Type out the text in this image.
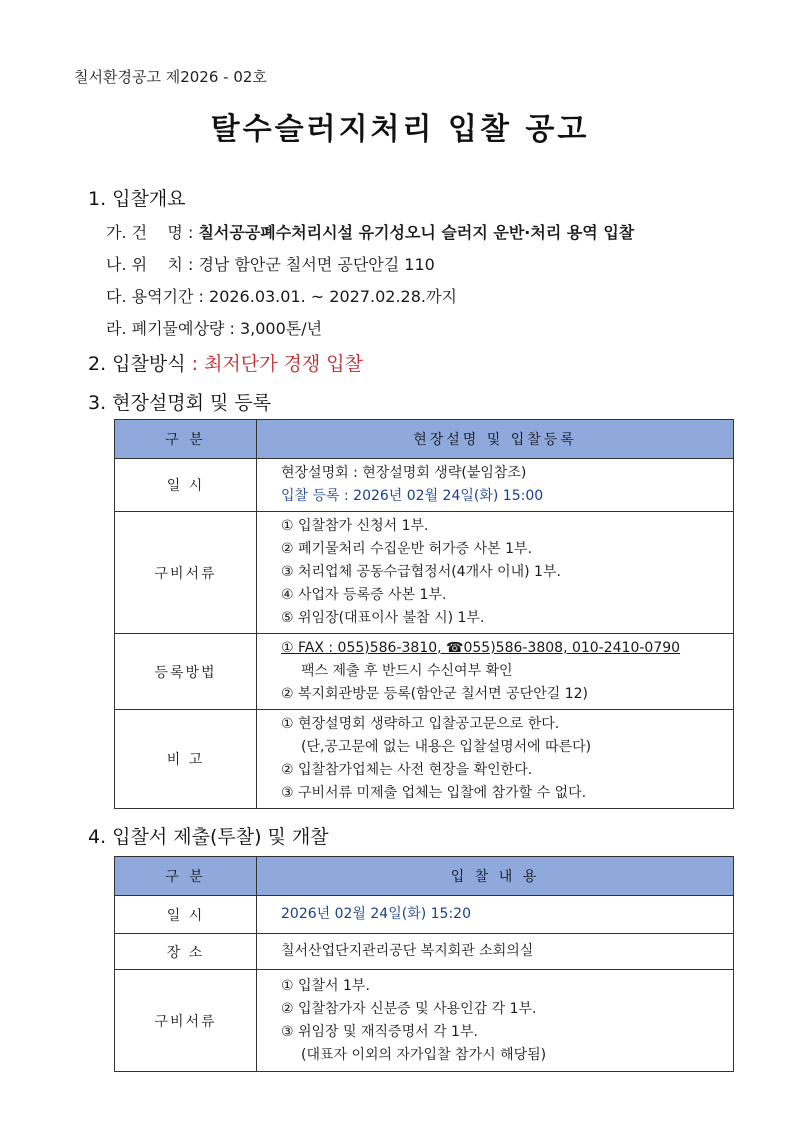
칠서환경공고 제2026 - 02호
탈수슬러지처리 입찰 공고
1. 입찰개요
가. 건    명 : 칠서공공폐수처리시설 유기성오니 슬러지 운반·처리 용역 입찰
나. 위    치 : 경남 함안군 칠서면 공단안길 110
다. 용역기간 : 2026.03.01. ~ 2027.02.28.까지
라. 폐기물예상량 : 3,000톤/년
2. 입찰방식 : 최저단가 경쟁 입찰
3. 현장설명회 및 등록
구 분	현장설명 및 입찰등록
일 시	현장설명회 : 현장설명회 생략(붙임참조)
입찰 등록 : 2026년 02월 24일(화) 15:00

구비서류	① 입찰참가 신청서 1부.
② 폐기물처리 수집운반 허가증 사본 1부.
③ 처리업체 공동수급협정서(4개사 이내) 1부.
④ 사업자 등록증 사본 1부.
⑤ 위임장(대표이사 불참 시) 1부.

등록방법	① FAX : 055)586-3810, ☎055)586-3808, 010-2410-0790
팩스 제출 후 반드시 수신여부 확인
② 복지회관방문 등록(함안군 칠서면 공단안길 12)

비 고	① 현장설명회 생략하고 입찰공고문으로 한다.
(단,공고문에 없는 내용은 입찰설명서에 따른다)
② 입찰참가업체는 사전 현장을 확인한다.
③ 구비서류 미제출 업체는 입찰에 참가할 수 없다.
4. 입찰서 제출(투찰) 및 개찰
구 분	입 찰 내 용
일 시	2026년 02월 24일(화) 15:20
장 소	칠서산업단지관리공단 복지회관 소회의실
구비서류	① 입찰서 1부.
② 입찰참가자 신분증 및 사용인감 각 1부.
③ 위임장 및 재직증명서 각 1부.
(대표자 이외의 자가입찰 참가시 해당됨)
